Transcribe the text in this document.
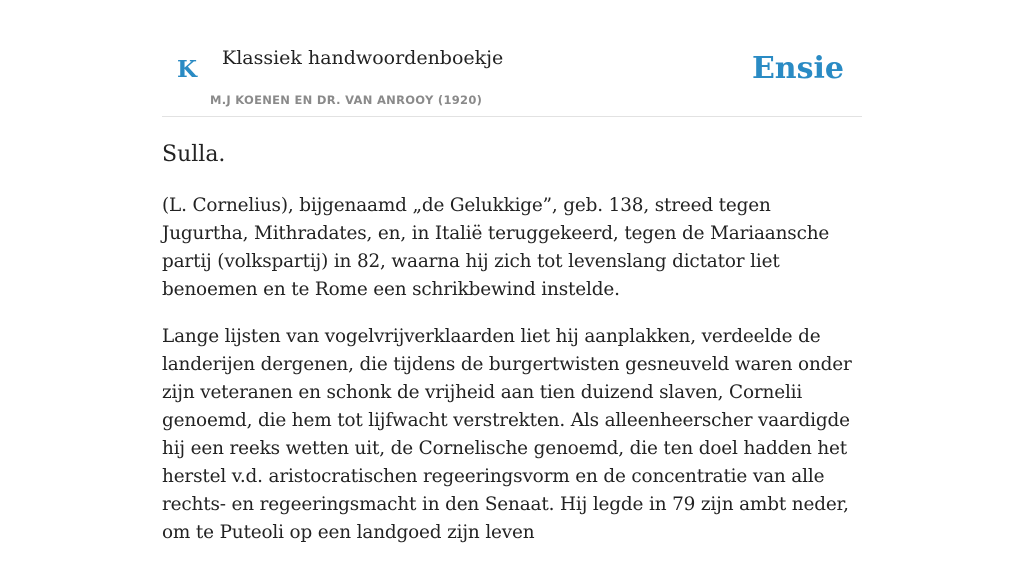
K Klassiek handwoordenboekje
M.J KOENEN EN DR. VAN ANROOY (1920)
Ensie
Sulla.

(L. Cornelius), bijgenaamd „de Gelukkige”, geb. 138, streed tegen Jugurtha, Mithradates, en, in Italië teruggekeerd, tegen de Mariaansche partij (volkspartij) in 82, waarna hij zich tot levenslang dictator liet benoemen en te Rome een schrikbewind instelde.

Lange lijsten van vogelvrijverklaarden liet hij aanplakken, verdeelde de landerijen dergenen, die tijdens de burgertwisten gesneuveld waren onder zijn veteranen en schonk de vrijheid aan tien duizend slaven, Cornelii genoemd, die hem tot lijfwacht verstrekten. Als alleenheerscher vaardigde hij een reeks wetten uit, de Cornelische genoemd, die ten doel hadden het herstel v.d. aristocratischen regeeringsvorm en de concentratie van alle rechts- en regeeringsmacht in den Senaat. Hij legde in 79 zijn ambt neder, om te Puteoli op een landgoed zijn leven
